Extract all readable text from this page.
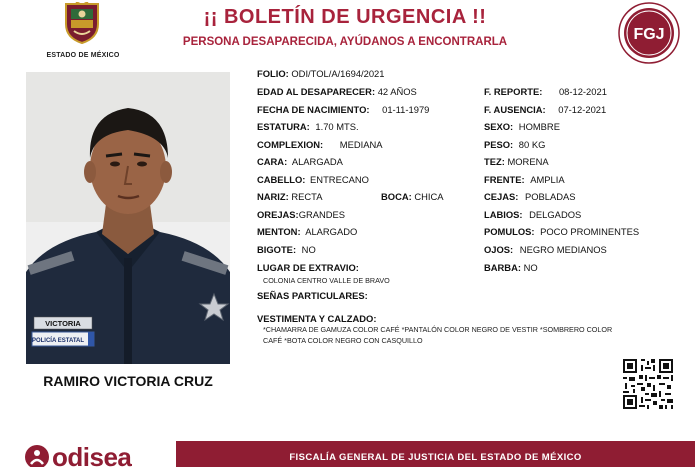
ESTADO DE MÉXICO
¡¡ BOLETÍN DE URGENCIA !!
PERSONA DESAPARECIDA, AYÚDANOS A ENCONTRARLA	FGJ
VICTORIA
POLICÍA ESTATAL
RAMIRO VICTORIA CRUZ
FOLIO: ODI/TOL/A/1694/2021
EDAD AL DESAPARECER: 42 AÑOS
FECHA DE NACIMIENTO: 01-11-1979
ESTATURA: 1.70 MTS.
COMPLEXION: MEDIANA
CARA: ALARGADA
CABELLO: ENTRECANO
NARIZ: RECTA	BOCA: CHICA
OREJAS:GRANDES
MENTON: ALARGADO
BIGOTE: NO
LUGAR DE EXTRAVIO:
COLONIA CENTRO VALLE DE BRAVO
SEÑAS PARTICULARES:
VESTIMENTA Y CALZADO:
*CHAMARRA DE GAMUZA COLOR CAFÉ *PANTALÓN COLOR NEGRO DE VESTIR *SOMBRERO COLOR
CAFÉ *BOTA COLOR NEGRO CON CASQUILLO
F. REPORTE: 08-12-2021
F. AUSENCIA: 07-12-2021
SEXO: HOMBRE
PESO: 80 KG
TEZ: MORENA
FRENTE: AMPLIA
CEJAS: POBLADAS
LABIOS: DELGADOS
POMULOS: POCO PROMINENTES
OJOS: NEGRO MEDIANOS
BARBA: NO
odisea	FISCALÍA GENERAL DE JUSTICIA DEL ESTADO DE MÉXICO
